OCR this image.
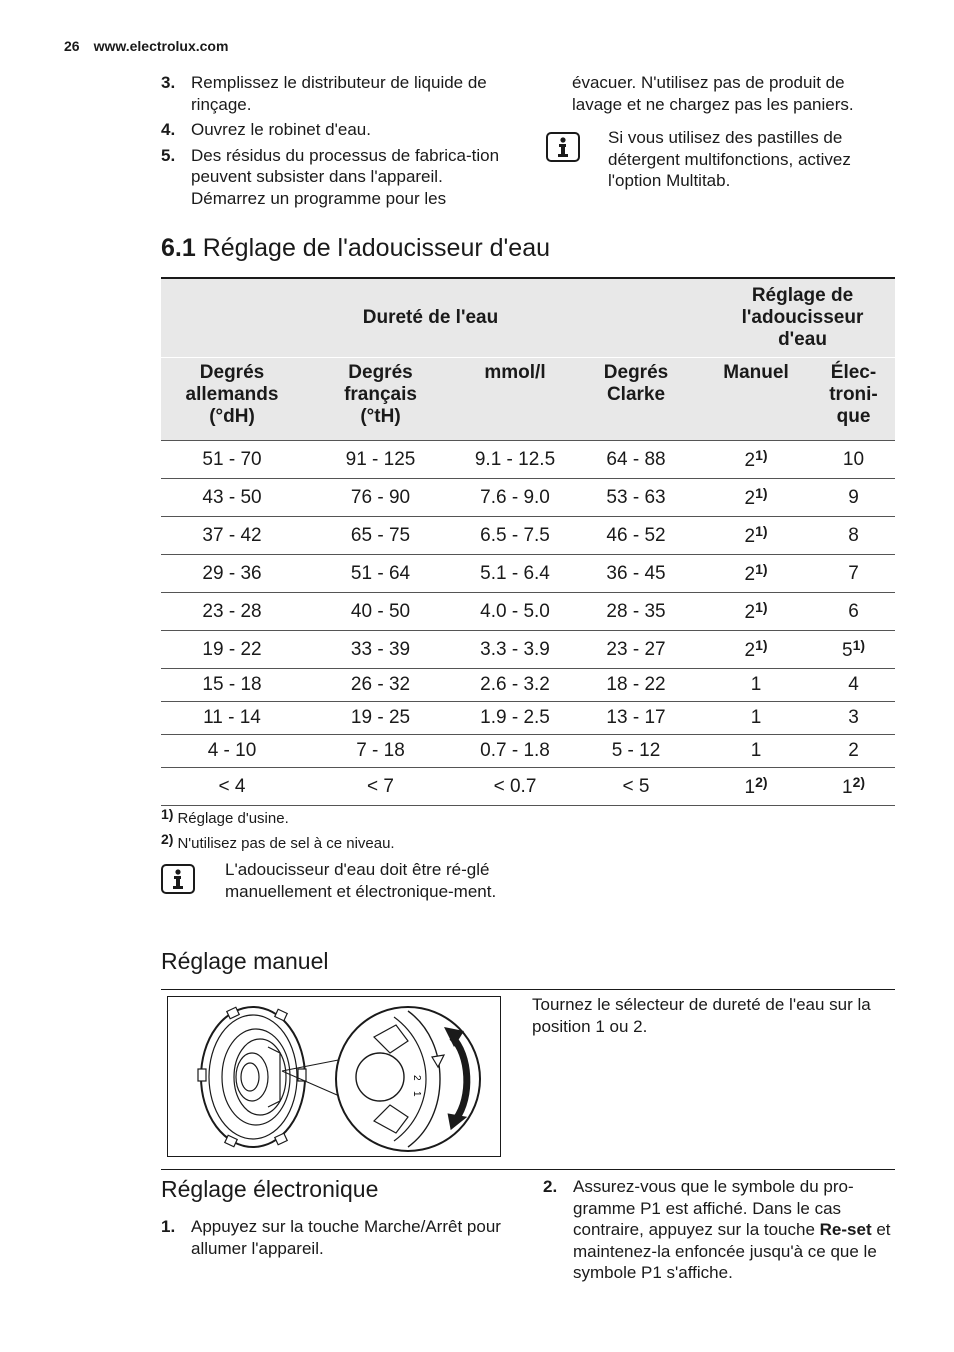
26 www.electrolux.com
3. Remplissez le distributeur de liquide de rinçage.
4. Ouvrez le robinet d'eau.
5. Des résidus du processus de fabrica-tion peuvent subsister dans l'appareil. Démarrez un programme pour les
évacuer. N'utilisez pas de produit de lavage et ne chargez pas les paniers.
Si vous utilisez des pastilles de détergent multifonctions, activez l'option Multitab.
6.1 Réglage de l'adoucisseur d'eau
Dureté de l'eau				Réglage de l'adoucisseur d'eau	
Degrés allemands (°dH)	Degrés français (°tH)	mmol/l	Degrés Clarke	Manuel	Élec-troni-que
51 - 70	91 - 125	9.1 - 12.5	64 - 88	2$^{1)}$	10
43 - 50	76 - 90	7.6 - 9.0	53 - 63	2$^{1)}$	9
37 - 42	65 - 75	6.5 - 7.5	46 - 52	2$^{1)}$	8
29 - 36	51 - 64	5.1 - 6.4	36 - 45	2$^{1)}$	7
23 - 28	40 - 50	4.0 - 5.0	28 - 35	2$^{1)}$	6
19 - 22	33 - 39	3.3 - 3.9	23 - 27	2$^{1)}$	5$^{1)}$
15 - 18	26 - 32	2.6 - 3.2	18 - 22	1	4
11 - 14	19 - 25	1.9 - 2.5	13 - 17	1	3
4 - 10	7 - 18	0.7 - 1.8	5 - 12	1	2
< 4	< 7	< 0.7	< 5	1$^{2)}$	1$^{2)}$
1) Réglage d'usine.
2) N'utilisez pas de sel à ce niveau.
L'adoucisseur d'eau doit être ré-glé manuellement et électronique-ment.
Réglage manuel
2
1
Tournez le sélecteur de dureté de l'eau sur la position 1 ou 2.
Réglage électronique
1. Appuyez sur la touche Marche/Arrêt pour allumer l'appareil.
2. Assurez-vous que le symbole du pro-gramme P1 est affiché. Dans le cas contraire, appuyez sur la touche Re-set et maintenez-la enfoncée jusqu'à ce que le symbole P1 s'affiche.
